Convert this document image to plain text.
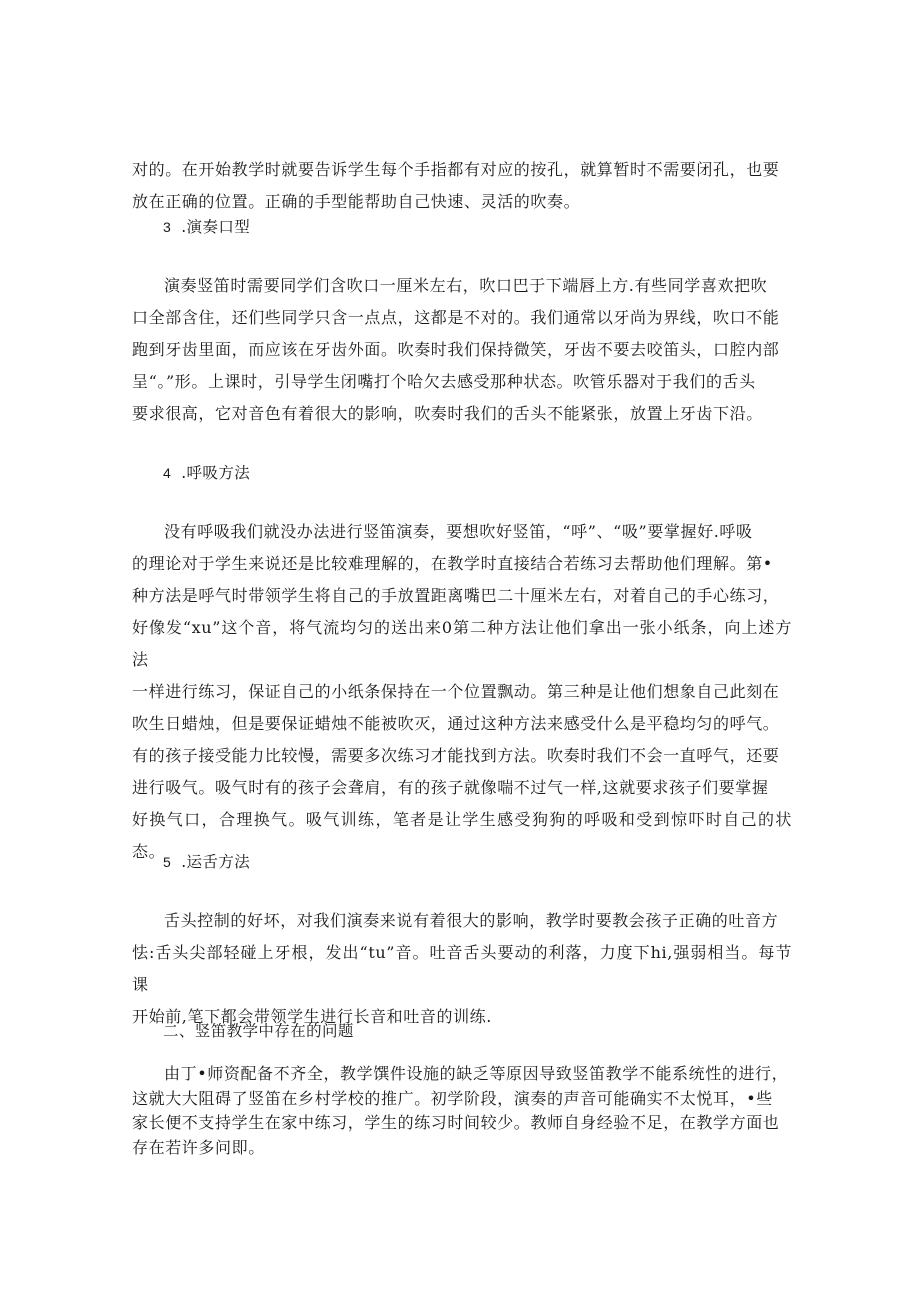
对的。在开始教学时就要告诉学生每个手指都有对应的按孔，就算暂时不需要闭孔，也要
放在正确的位置。正确的手型能帮助自己快速、灵活的吹奏。
3 .演奏口型
演奏竖笛时需要同学们含吹口一厘米左右，吹口巴于下端唇上方.有些同学喜欢把吹
口全部含住，还们些同学只含一点点，这都是不对的。我们通常以牙尚为界线，吹口不能
跑到牙齿里面，而应该在牙齿外面。吹奏时我们保持微笑，牙齿不要去咬笛头，口腔内部
呈“。”形。上课时，引导学生闭嘴打个哈欠去感受那种状态。吹管乐器对于我们的舌头
要求很高，它对音色有着很大的影响，吹奏时我们的舌头不能紧张，放置上牙齿下沿。
4 .呼吸方法
没有呼吸我们就没办法进行竖笛演奏，要想吹好竖笛，“呼”、“吸”要掌握好.呼吸
的理论对于学生来说还是比较难理解的，在教学时直接结合若练习去帮助他们理解。第•
种方法是呼气时带领学生将自己的手放置距离嘴巴二十厘米左右，对着自己的手心练习，
好像发“xu”这个音，将气流均匀的送出来0第二种方法让他们拿出一张小纸条，向上述方法
一样进行练习，保证自己的小纸条保持在一个位置飘动。第三种是让他们想象自己此刻在
吹生日蜡烛，但是要保证蜡烛不能被吹灭，通过这种方法来感受什么是平稳均匀的呼气。
有的孩子接受能力比较慢，需要多次练习才能找到方法。吹奏时我们不会一直呼气，还要
进行吸气。吸气时有的孩子会聋肩，有的孩子就像喘不过气一样,这就要求孩子们要掌握
好换气口，合理换气。吸气训练，笔者是让学生感受狗狗的呼吸和受到惊吓时自己的状态。
5 .运舌方法
舌头控制的好坏，对我们演奏来说有着很大的影响，教学时要教会孩子正确的吐音方
怯:舌头尖部轻碰上牙根，发出“tu”音。吐音舌头要动的利落，力度下hi,强弱相当。每节课
开始前,笔下都会带领学生进行长音和吐音的训练.
二、竖笛教学中存在的问题
由丁•师资配备不齐全，教学馔件设施的缺乏等原因导致竖笛教学不能系统性的进行，
这就大大阻碍了竖笛在乡村学校的推广。初学阶段，演奏的声音可能确实不太悦耳，•些
家长便不支持学生在家中练习，学生的练习时间较少。教师自身经验不足，在教学方面也
存在若许多问即。
